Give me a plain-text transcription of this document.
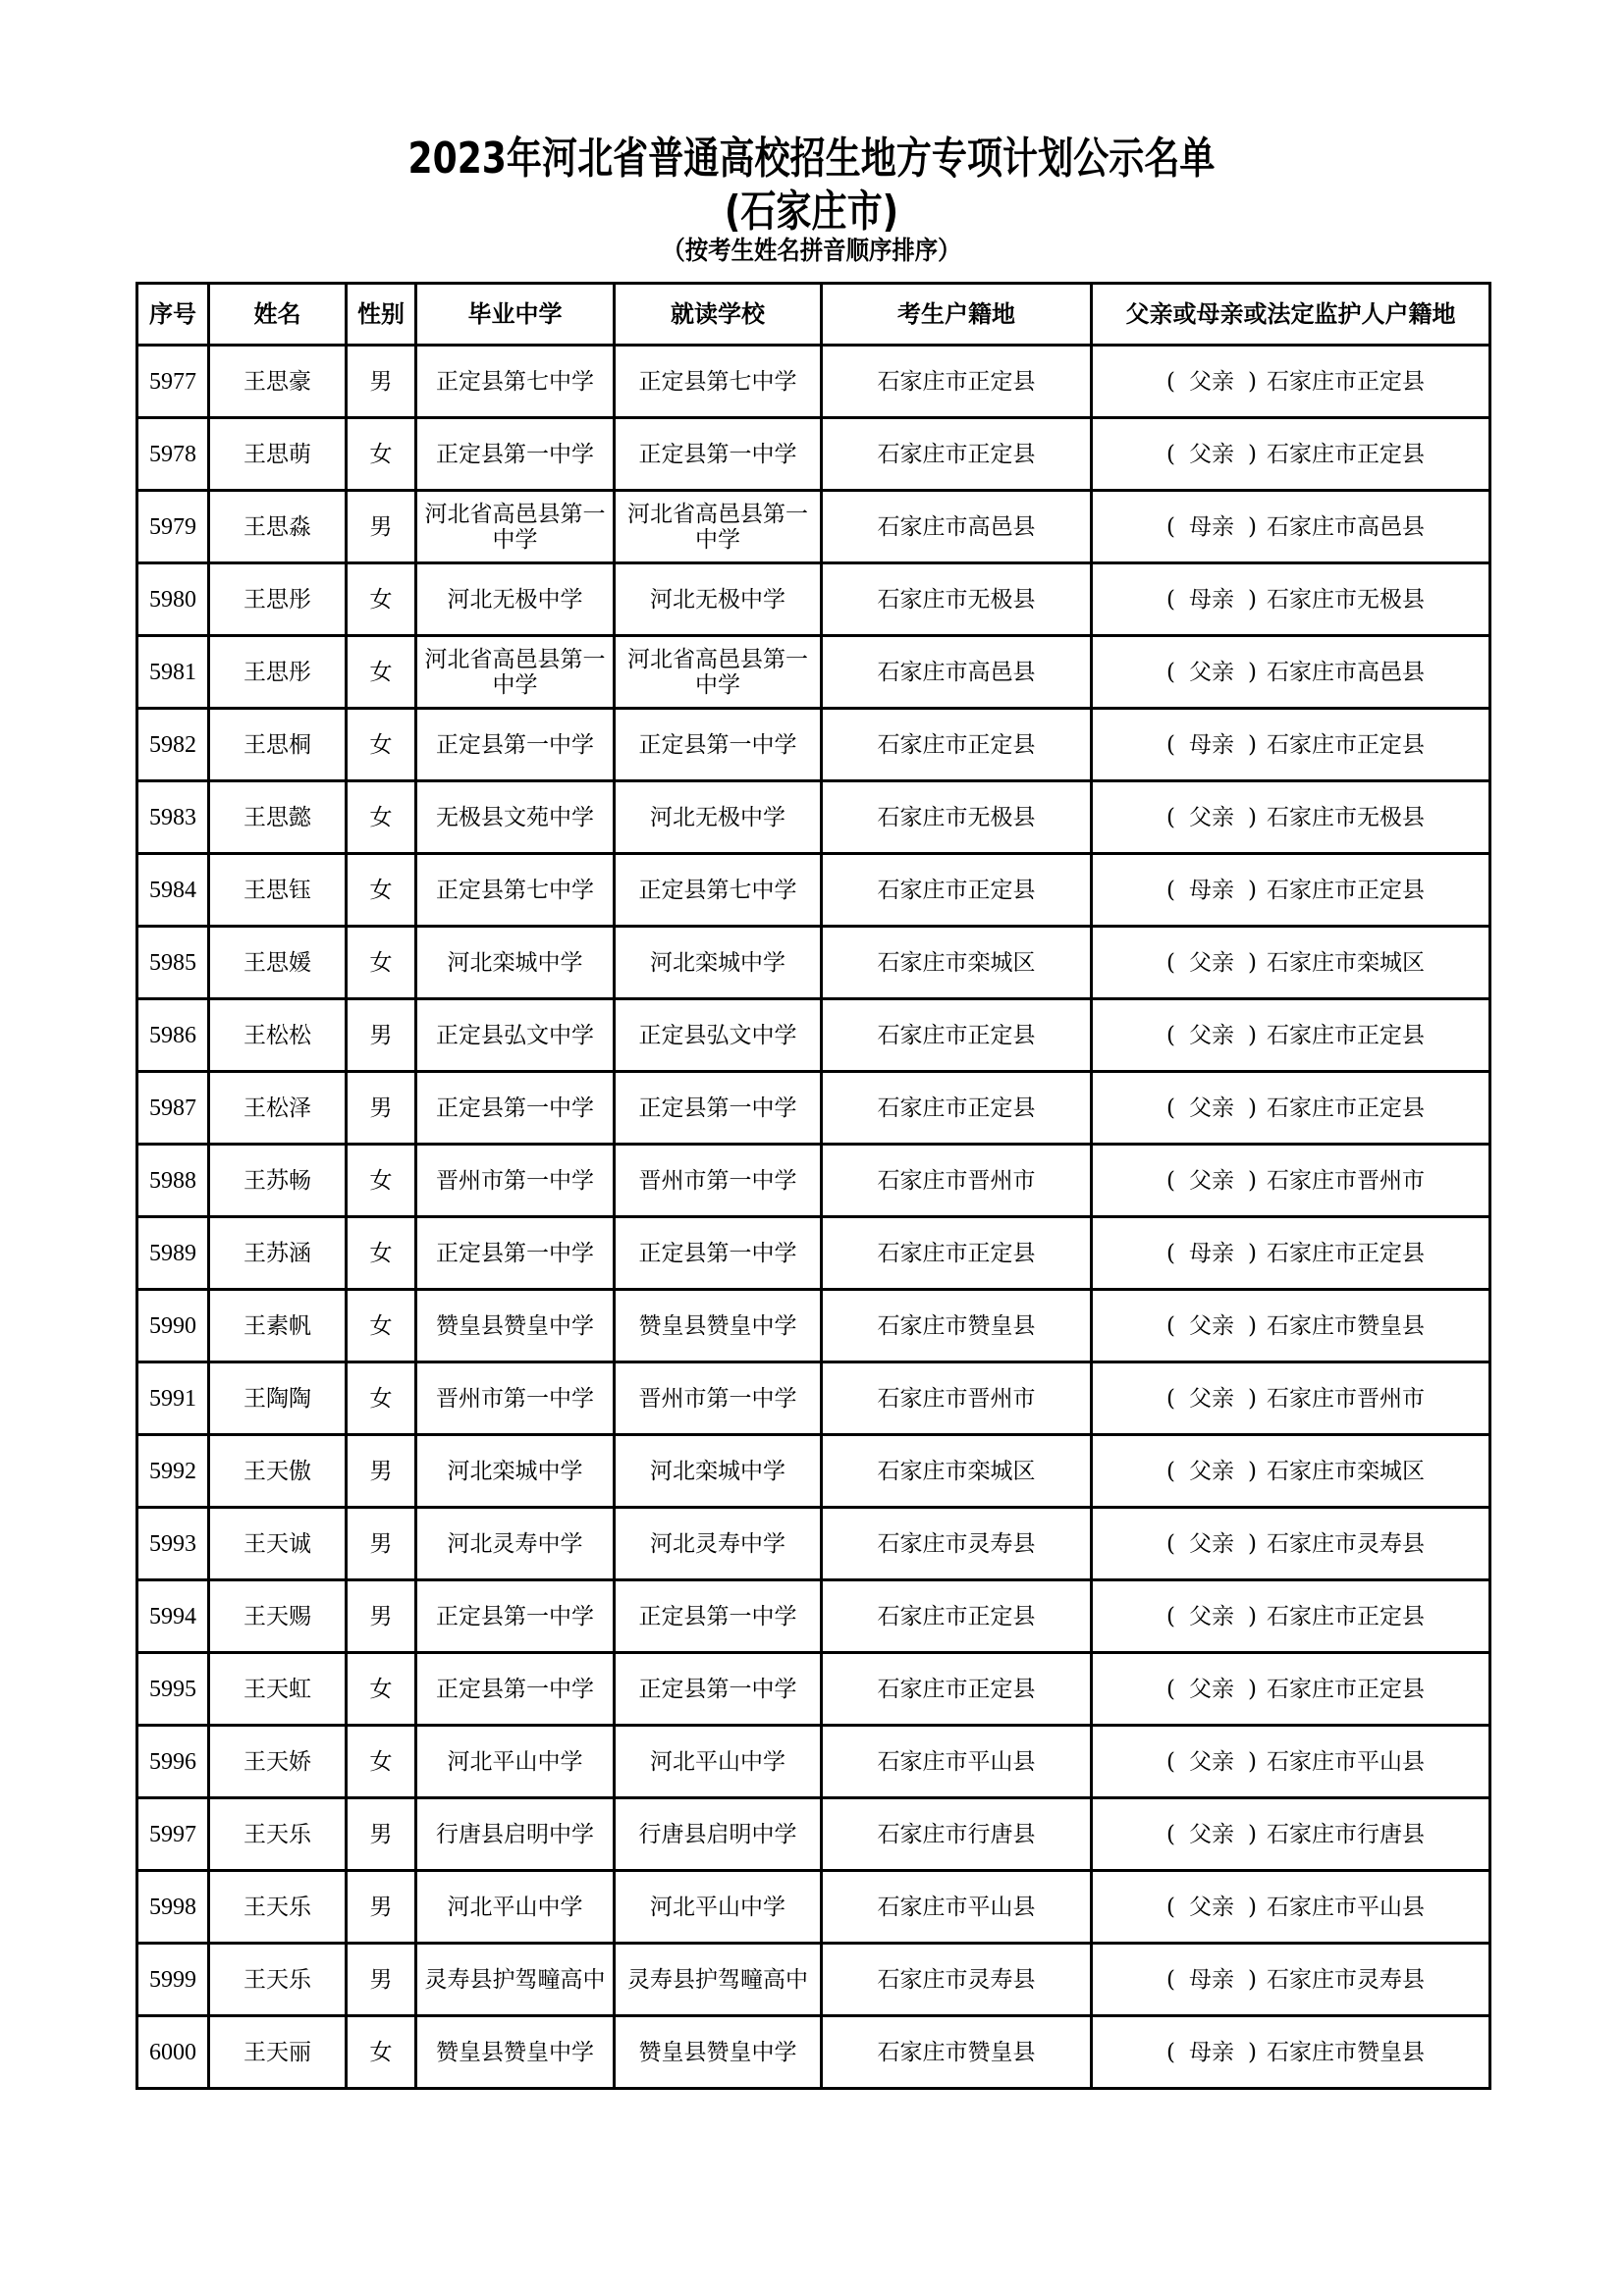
2023年河北省普通高校招生地方专项计划公示名单
(石家庄市)
（按考生姓名拼音顺序排序）
序号	姓名	性别	毕业中学	就读学校	考生户籍地	父亲或母亲或法定监护人户籍地
5977	王思豪	男	正定县第七中学	正定县第七中学	石家庄市正定县	( 父亲 ) 石家庄市正定县
5978	王思萌	女	正定县第一中学	正定县第一中学	石家庄市正定县	( 父亲 ) 石家庄市正定县
5979	王思淼	男	河北省高邑县第一中学	河北省高邑县第一中学	石家庄市高邑县	( 母亲 ) 石家庄市高邑县
5980	王思彤	女	河北无极中学	河北无极中学	石家庄市无极县	( 母亲 ) 石家庄市无极县
5981	王思彤	女	河北省高邑县第一中学	河北省高邑县第一中学	石家庄市高邑县	( 父亲 ) 石家庄市高邑县
5982	王思桐	女	正定县第一中学	正定县第一中学	石家庄市正定县	( 母亲 ) 石家庄市正定县
5983	王思懿	女	无极县文苑中学	河北无极中学	石家庄市无极县	( 父亲 ) 石家庄市无极县
5984	王思钰	女	正定县第七中学	正定县第七中学	石家庄市正定县	( 母亲 ) 石家庄市正定县
5985	王思媛	女	河北栾城中学	河北栾城中学	石家庄市栾城区	( 父亲 ) 石家庄市栾城区
5986	王松松	男	正定县弘文中学	正定县弘文中学	石家庄市正定县	( 父亲 ) 石家庄市正定县
5987	王松泽	男	正定县第一中学	正定县第一中学	石家庄市正定县	( 父亲 ) 石家庄市正定县
5988	王苏畅	女	晋州市第一中学	晋州市第一中学	石家庄市晋州市	( 父亲 ) 石家庄市晋州市
5989	王苏涵	女	正定县第一中学	正定县第一中学	石家庄市正定县	( 母亲 ) 石家庄市正定县
5990	王素帆	女	赞皇县赞皇中学	赞皇县赞皇中学	石家庄市赞皇县	( 父亲 ) 石家庄市赞皇县
5991	王陶陶	女	晋州市第一中学	晋州市第一中学	石家庄市晋州市	( 父亲 ) 石家庄市晋州市
5992	王天傲	男	河北栾城中学	河北栾城中学	石家庄市栾城区	( 父亲 ) 石家庄市栾城区
5993	王天诚	男	河北灵寿中学	河北灵寿中学	石家庄市灵寿县	( 父亲 ) 石家庄市灵寿县
5994	王天赐	男	正定县第一中学	正定县第一中学	石家庄市正定县	( 父亲 ) 石家庄市正定县
5995	王天虹	女	正定县第一中学	正定县第一中学	石家庄市正定县	( 父亲 ) 石家庄市正定县
5996	王天娇	女	河北平山中学	河北平山中学	石家庄市平山县	( 父亲 ) 石家庄市平山县
5997	王天乐	男	行唐县启明中学	行唐县启明中学	石家庄市行唐县	( 父亲 ) 石家庄市行唐县
5998	王天乐	男	河北平山中学	河北平山中学	石家庄市平山县	( 父亲 ) 石家庄市平山县
5999	王天乐	男	灵寿县护驾疃高中	灵寿县护驾疃高中	石家庄市灵寿县	( 母亲 ) 石家庄市灵寿县
6000	王天丽	女	赞皇县赞皇中学	赞皇县赞皇中学	石家庄市赞皇县	( 母亲 ) 石家庄市赞皇县
